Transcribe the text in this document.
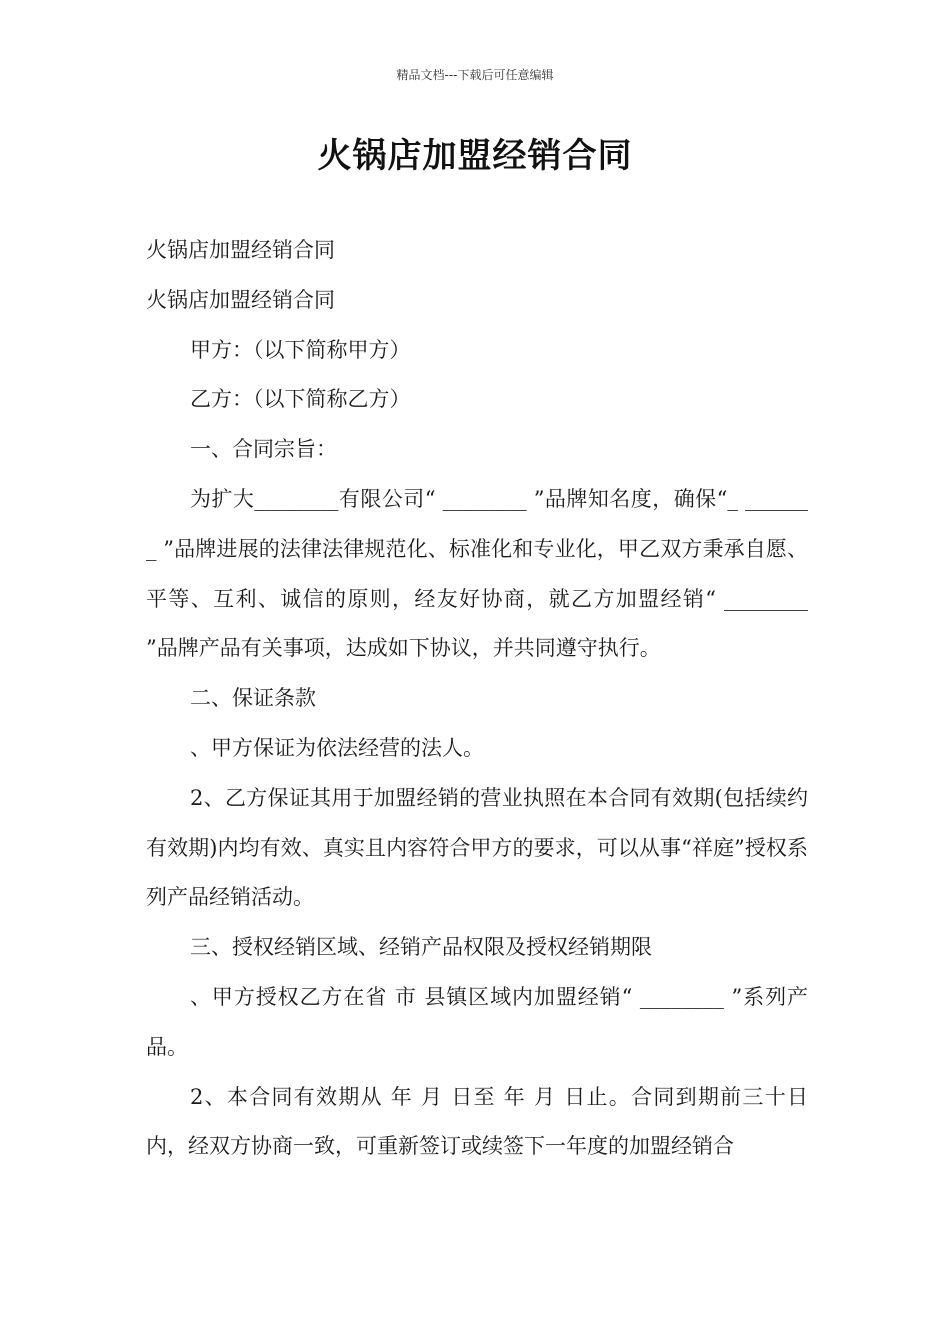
精品文档---下载后可任意编辑
火锅店加盟经销合同

火锅店加盟经销合同

火锅店加盟经销合同

甲方：（以下简称甲方）

乙方：（以下简称乙方）

一、合同宗旨：

为扩大________有限公司“ ________ ”品牌知名度，确保“_ _______ ”品牌进展的法律法律规范化、标准化和专业化，甲乙双方秉承自愿、平等、互利、诚信的原则，经友好协商，就乙方加盟经销“ ________ ”品牌产品有关事项，达成如下协议，并共同遵守执行。

二、保证条款

、甲方保证为依法经营的法人。

2、乙方保证其用于加盟经销的营业执照在本合同有效期(包括续约有效期)内均有效、真实且内容符合甲方的要求，可以从事“祥庭”授权系列产品经销活动。

三、授权经销区域、经销产品权限及授权经销期限

、甲方授权乙方在省 市 县镇区域内加盟经销“ ________ ”系列产品。

2、本合同有效期从 年 月 日至 年 月 日止。合同到期前三十日内，经双方协商一致，可重新签订或续签下一年度的加盟经销合
